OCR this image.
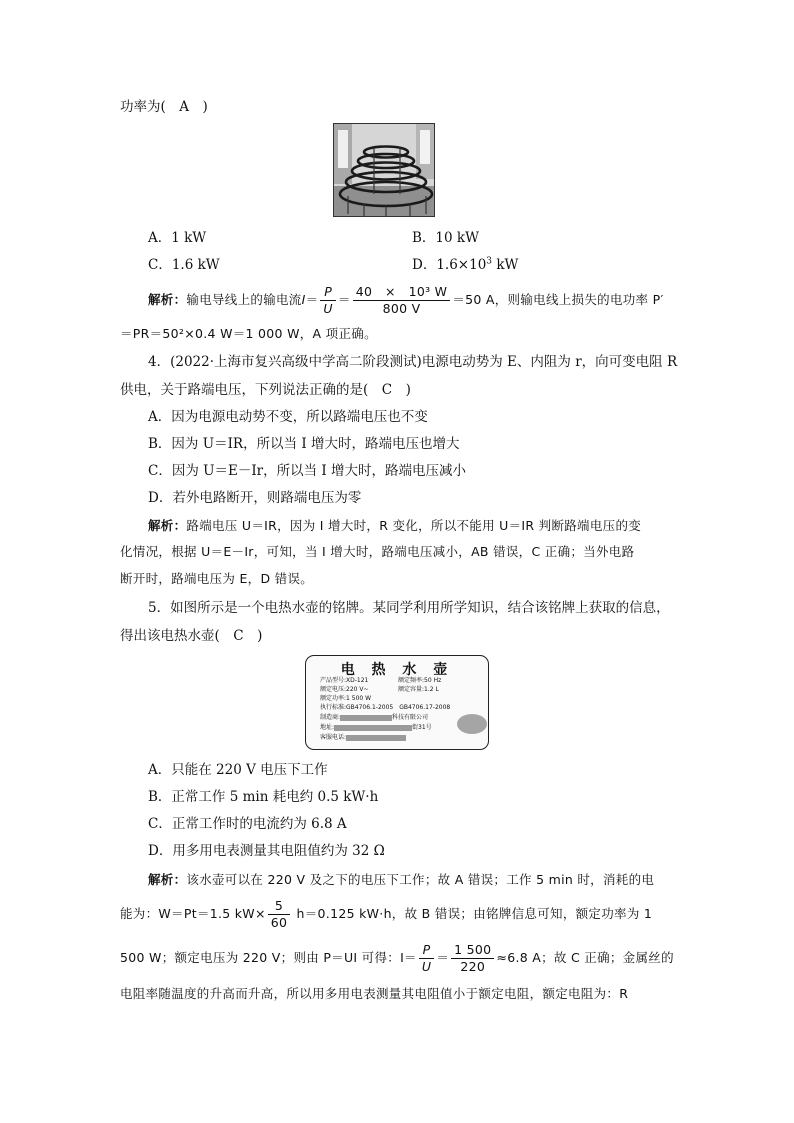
功率为(　A　)
A．1 kW	B．10 kW
C．1.6 kW	D．$1.6\times 10^3$ kW
解析：输电导线上的输电流$I= \frac{P}{U} = \frac{\text{40　×　10³ W}}{800 V} =50$ A，则输电线上损失的电功率 P′
＝PR＝50²×0.4 W＝1 000 W，A 项正确。
4．(2022·上海市复兴高级中学高二阶段测试)电源电动势为 E、内阻为 r，向可变电阻 R
供电，关于路端电压，下列说法正确的是(　C　)
A．因为电源电动势不变，所以路端电压也不变
B．因为 U＝IR，所以当 I 增大时，路端电压也增大
C．因为 U＝E－Ir，所以当 I 增大时，路端电压减小
D．若外电路断开，则路端电压为零
解析：路端电压 U＝IR，因为 I 增大时，R 变化，所以不能用 U＝IR 判断路端电压的变
化情况，根据 U＝E－Ir，可知，当 I 增大时，路端电压减小，AB 错误，C 正确；当外电路
断开时，路端电压为 E，D 错误。
5．如图所示是一个电热水壶的铭牌。某同学利用所学知识，结合该铭牌上获取的信息，
得出该电热水壶(　C　)
电 热 水 壶
产品型号:XD-121	额定频率:50 Hz
额定电压:220 V~	额定容量:1.2 L
额定功率:1 500 W
执行标准:GB4706.1-2005　GB4706.17-2008
制造商:	科技有限公司
地址:	街31号
客服电话:
A．只能在 220 V 电压下工作
B．正常工作 5 min 耗电约 0.5 kW·h
C．正常工作时的电流约为 6.8 A
D．用多用电表测量其电阻值约为 32 Ω
解析：该水壶可以在 220 V 及之下的电压下工作；故 A 错误；工作 5 min 时，消耗的电
能为：W＝Pt＝1.5 $kW\times \frac{5}{60} h=0.125$ kW·h，故 B 错误；由铭牌信息可知，额定功率为 1
500 W；额定电压为 220 V；则由 P＝UI 可得：$I= \frac{P}{U} = \frac{1 500}{220} \approx 6.8$ A；故 C 正确；金属丝的
电阻率随温度的升高而升高，所以用多用电表测量其电阻值小于额定电阻，额定电阻为：R
